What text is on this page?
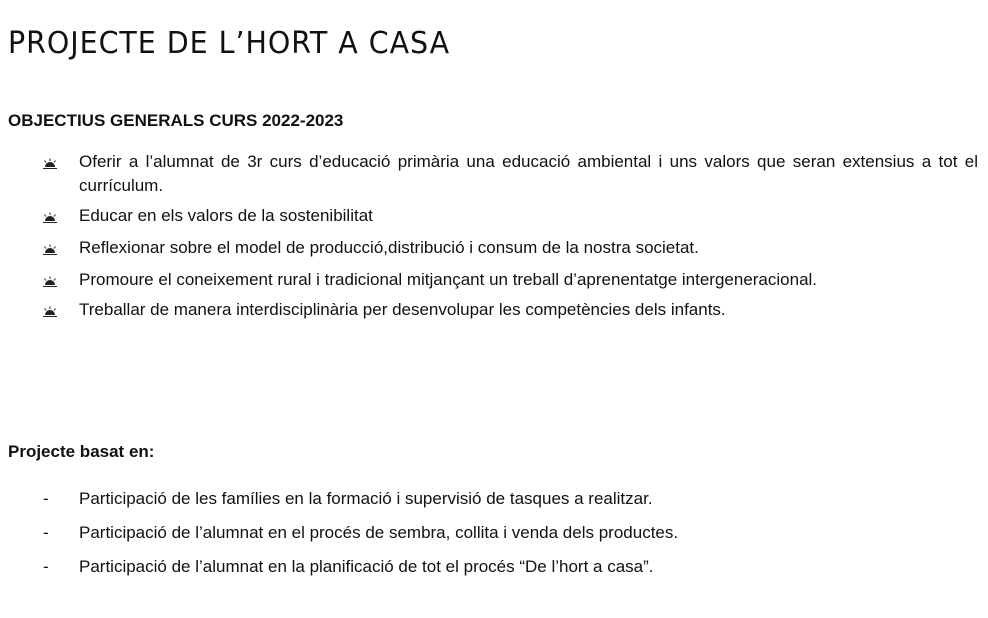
PROJECTE DE L’HORT A CASA
OBJECTIUS GENERALS CURS 2022-2023
Oferir a l’alumnat de 3r curs d’educació primària una educació ambiental i uns valors que seran extensius a tot el currículum.
Educar en els valors de la sostenibilitat
Reflexionar sobre el model de producció,distribució i consum de la nostra societat.
Promoure el coneixement rural i tradicional mitjançant un treball d’aprenentatge intergeneracional.
Treballar de manera interdisciplinària per desenvolupar les competències dels infants.
Projecte basat en:
- Participació de les famílies en la formació i supervisió de tasques a realitzar.
- Participació de l’alumnat en el procés de sembra, collita i venda dels productes.
- Participació de l’alumnat en la planificació de tot el procés “De l’hort a casa”.
